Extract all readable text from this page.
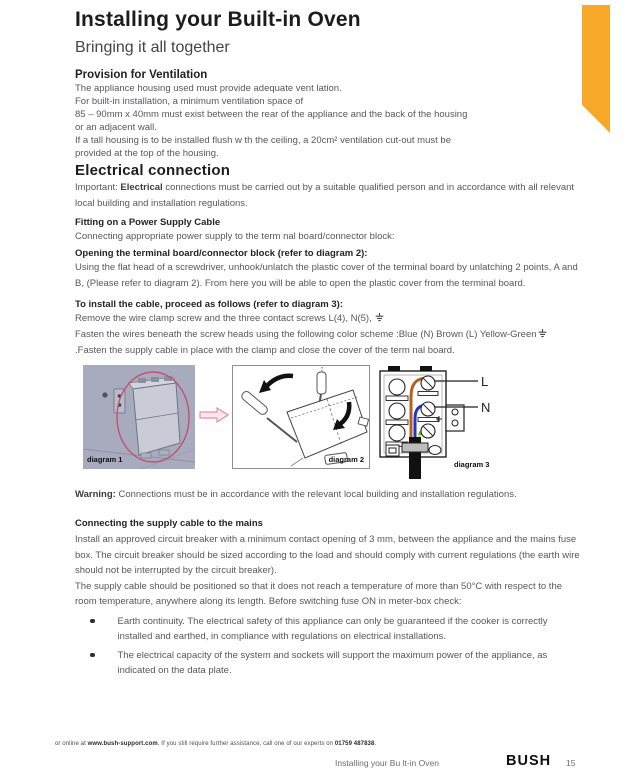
Installing your Built-in Oven
Bringing it all together
Provision for Ventilation
The appliance housing used must provide adequate vent lation.
For built-in installation, a minimum ventilation space of
85 – 90mm x 40mm must exist between the rear of the appliance and the back of the housing
or an adjacent wall.
If a tall housing is to be installed flush w th the ceiling, a 20cm² ventilation cut-out must be
provided at the top of the housing.
Electrical connection
Important: Electrical connections must be carried out by a suitable qualified person and in accordance with all relevant local building and installation regulations.
Fitting on a Power Supply Cable
Connecting appropriate power supply to the term nal board/connector block:
Opening the terminal board/connector block (refer to diagram 2):
Using the flat head of a screwdriver, unhook/unlatch the plastic cover of the terminal board by unlatching 2 points, A and B, (Please refer to diagram 2). From here you will be able to open the plastic cover from the terminal board.
To install the cable, proceed as follows (refer to diagram 3):
Remove the wire clamp screw and the three contact screws L(4), N(5),
Fasten the wires beneath the screw heads using the following color scheme :Blue (N) Brown (L) Yellow-Green .Fasten the supply cable in place with the clamp and close the cover of the term nal board.
diagram 1	diagram 2
L
N
diagram 3
Warning: Connections must be in accordance with the relevant local building and installation regulations.
Connecting the supply cable to the mains
Install an approved circuit breaker with a minimum contact opening of 3 mm, between the appliance and the mains fuse box. The circuit breaker should be sized according to the load and should comply with current regulations (the earth wire should not be interrupted by the circuit breaker).
The supply cable should be positioned so that it does not reach a temperature of more than 50°C with respect to the room temperature, anywhere along its length. Before switching fuse ON in meter-box check:
Earth continuity. The electrical safety of this appliance can only be guaranteed if the cooker is correctly installed and earthed, in compliance with regulations on electrical installations.
The electrical capacity of the system and sockets will support the maximum power of the appliance, as indicated on the data plate.
or online at www.bush-support.com. If you still require further assistance, call one of our experts on 01759 487838.
Installing your Bu lt-in Oven	BUSH 15
